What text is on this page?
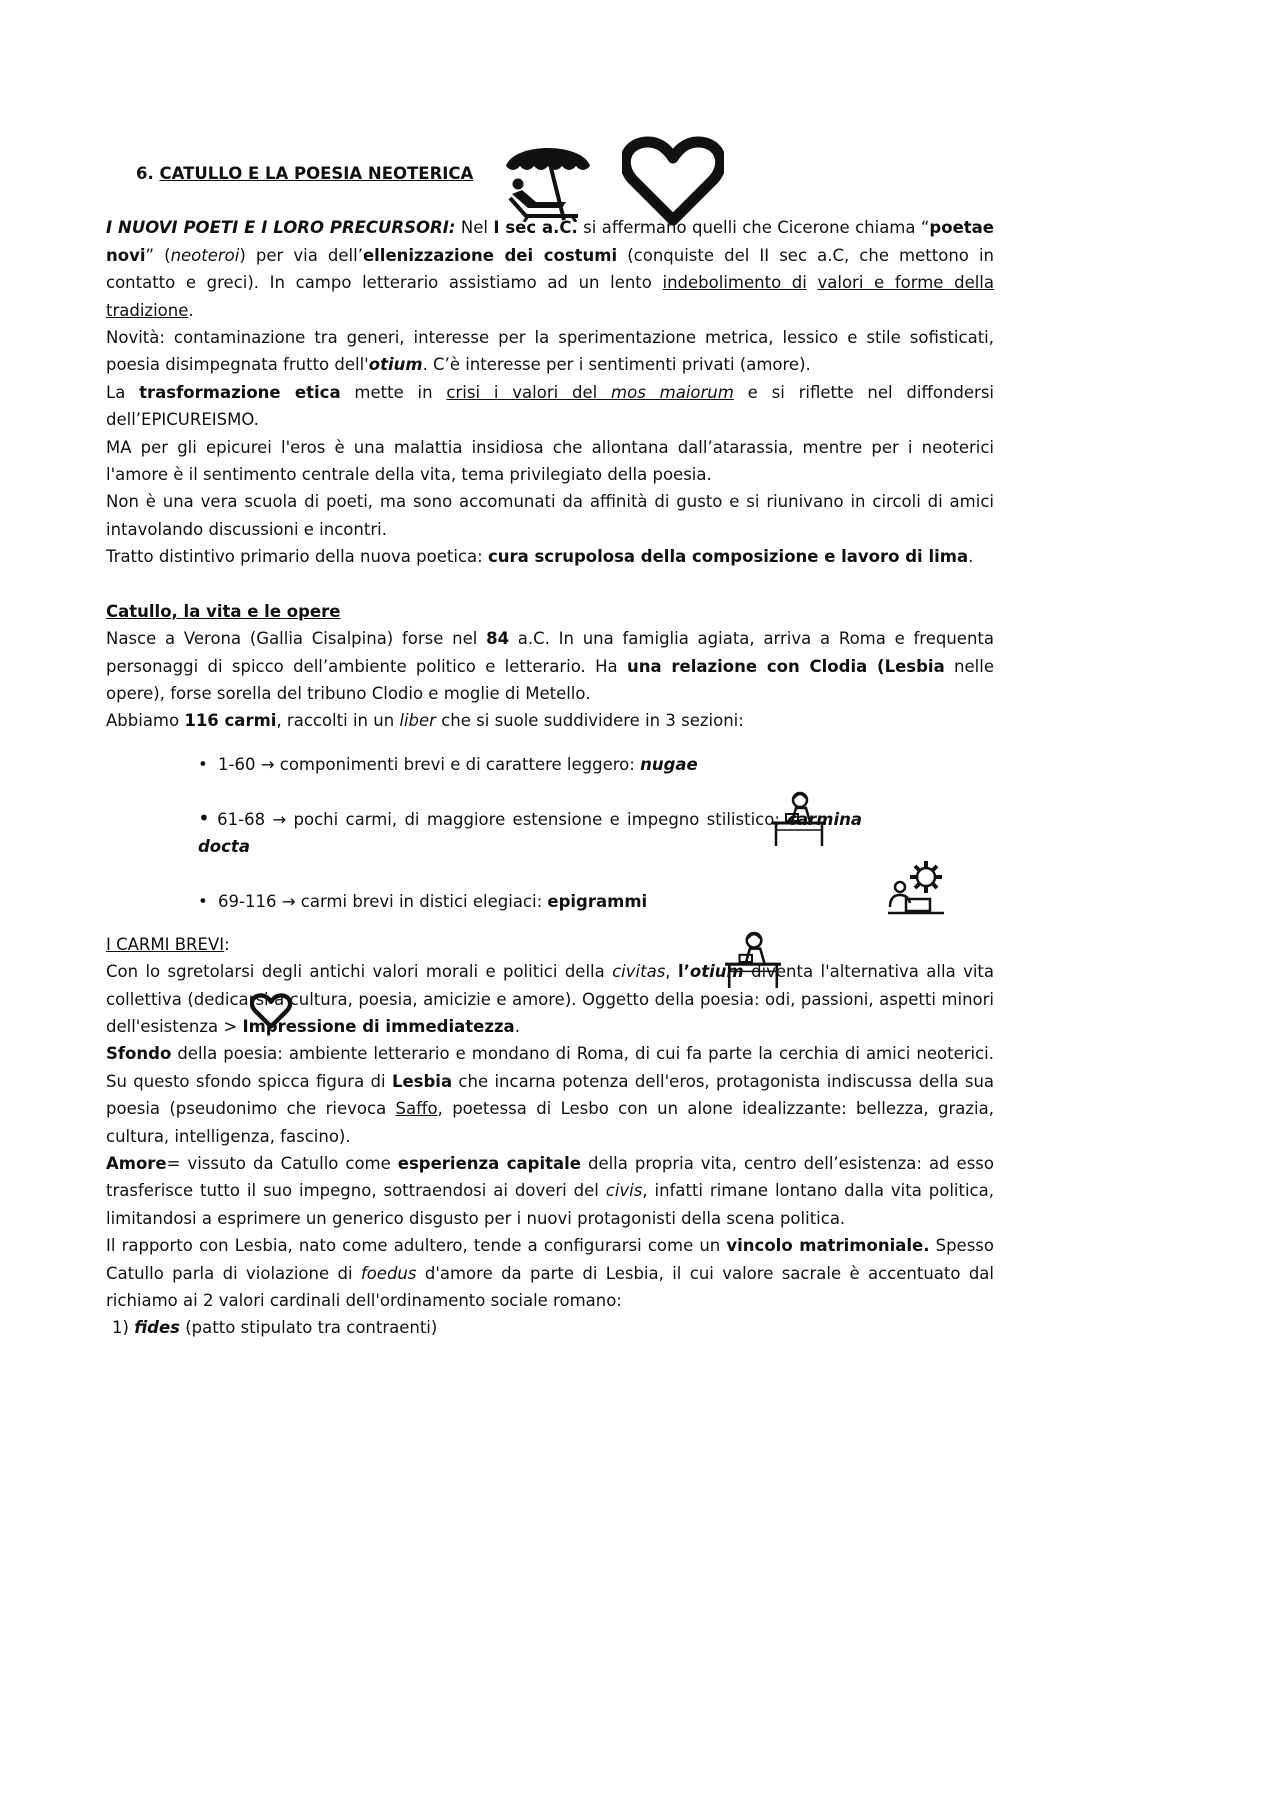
6. CATULLO E LA POESIA NEOTERICA

I NUOVI POETI E I LORO PRECURSORI: Nel I sec a.C. si affermano quelli che Cicerone chiama “poetae novi” (neoteroi) per via dell’ellenizzazione dei costumi (conquiste del II sec a.C, che mettono in contatto e greci). In campo letterario assistiamo ad un lento indebolimento di valori e forme della tradizione.

Novità: contaminazione tra generi, interesse per la sperimentazione metrica, lessico e stile sofisticati, poesia disimpegnata frutto dell'otium. C’è interesse per i sentimenti privati (amore).

La trasformazione etica mette in crisi i valori del mos maiorum e si riflette nel diffondersi dell’EPICUREISMO.

MA per gli epicurei l'eros è una malattia insidiosa che allontana dall’atarassia, mentre per i neoterici l'amore è il sentimento centrale della vita, tema privilegiato della poesia.

Non è una vera scuola di poeti, ma sono accomunati da affinità di gusto e si riunivano in circoli di amici intavolando discussioni e incontri.

Tratto distintivo primario della nuova poetica: cura scrupolosa della composizione e lavoro di lima.

Catullo, la vita e le opere

Nasce a Verona (Gallia Cisalpina) forse nel 84 a.C. In una famiglia agiata, arriva a Roma e frequenta personaggi di spicco dell’ambiente politico e letterario. Ha una relazione con Clodia (Lesbia nelle opere), forse sorella del tribuno Clodio e moglie di Metello.

Abbiamo 116 carmi, raccolti in un liber che si suole suddividere in 3 sezioni:

• 1-60 → componimenti brevi e di carattere leggero: nugae

• 61-68 → pochi carmi, di maggiore estensione e impegno stilistico: carmina docta

• 69-116 → carmi brevi in distici elegiaci: epigrammi

I CARMI BREVI:

Con lo sgretolarsi degli antichi valori morali e politici della civitas, l’otium diventa l'alternativa alla vita collettiva (dedicarsi a cultura, poesia, amicizie e amore). Oggetto della poesia: odi, passioni, aspetti minori dell'esistenza > Impressione di immediatezza.

Sfondo della poesia: ambiente letterario e mondano di Roma, di cui fa parte la cerchia di amici neoterici. Su questo sfondo spicca figura di Lesbia che incarna potenza dell'eros, protagonista indiscussa della sua poesia (pseudonimo che rievoca Saffo, poetessa di Lesbo con un alone idealizzante: bellezza, grazia, cultura, intelligenza, fascino).

Amore= vissuto da Catullo come esperienza capitale della propria vita, centro dell’esistenza: ad esso trasferisce tutto il suo impegno, sottraendosi ai doveri del civis, infatti rimane lontano dalla vita politica, limitandosi a esprimere un generico disgusto per i nuovi protagonisti della scena politica.

Il rapporto con Lesbia, nato come adultero, tende a configurarsi come un vincolo matrimoniale. Spesso Catullo parla di violazione di foedus d'amore da parte di Lesbia, il cui valore sacrale è accentuato dal richiamo ai 2 valori cardinali dell'ordinamento sociale romano:

1) fides (patto stipulato tra contraenti)
